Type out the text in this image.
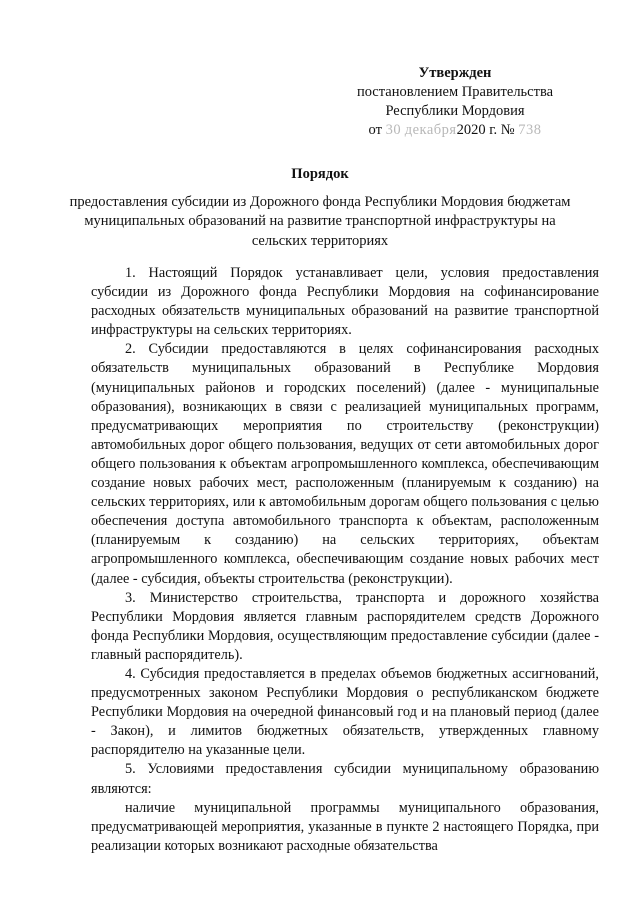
Утвержден
постановлением Правительства
Республики Мордовия
от 30 декабря2020 г. № 738
Порядок
предоставления субсидии из Дорожного фонда Республики Мордовия бюджетам муниципальных образований на развитие транспортной инфраструктуры на сельских территориях

1. Настоящий Порядок устанавливает цели, условия предоставления субсидии из Дорожного фонда Республики Мордовия на софинансирование расходных обязательств муниципальных образований на развитие транспортной инфраструктуры на сельских территориях.

2. Субсидии предоставляются в целях софинансирования расходных обязательств муниципальных образований в Республике Мордовия (муниципальных районов и городских поселений) (далее - муниципальные образования), возникающих в связи с реализацией муниципальных программ, предусматривающих мероприятия по строительству (реконструкции) автомобильных дорог общего пользования, ведущих от сети автомобильных дорог общего пользования к объектам агропромышленного комплекса, обеспечивающим создание новых рабочих мест, расположенным (планируемым к созданию) на сельских территориях, или к автомобильным дорогам общего пользования с целью обеспечения доступа автомобильного транспорта к объектам, расположенным (планируемым к созданию) на сельских территориях, объектам агропромышленного комплекса, обеспечивающим создание новых рабочих мест (далее - субсидия, объекты строительства (реконструкции).

3. Министерство строительства, транспорта и дорожного хозяйства Республики Мордовия является главным распорядителем средств Дорожного фонда Республики Мордовия, осуществляющим предоставление субсидии (далее - главный распорядитель).

4. Субсидия предоставляется в пределах объемов бюджетных ассигнований, предусмотренных законом Республики Мордовия о республиканском бюджете Республики Мордовия на очередной финансовый год и на плановый период (далее - Закон), и лимитов бюджетных обязательств, утвержденных главному распорядителю на указанные цели.

5. Условиями предоставления субсидии муниципальному образованию являются:

наличие муниципальной программы муниципального образования, предусматривающей мероприятия, указанные в пункте 2 настоящего Порядка, при реализации которых возникают расходные обязательства
